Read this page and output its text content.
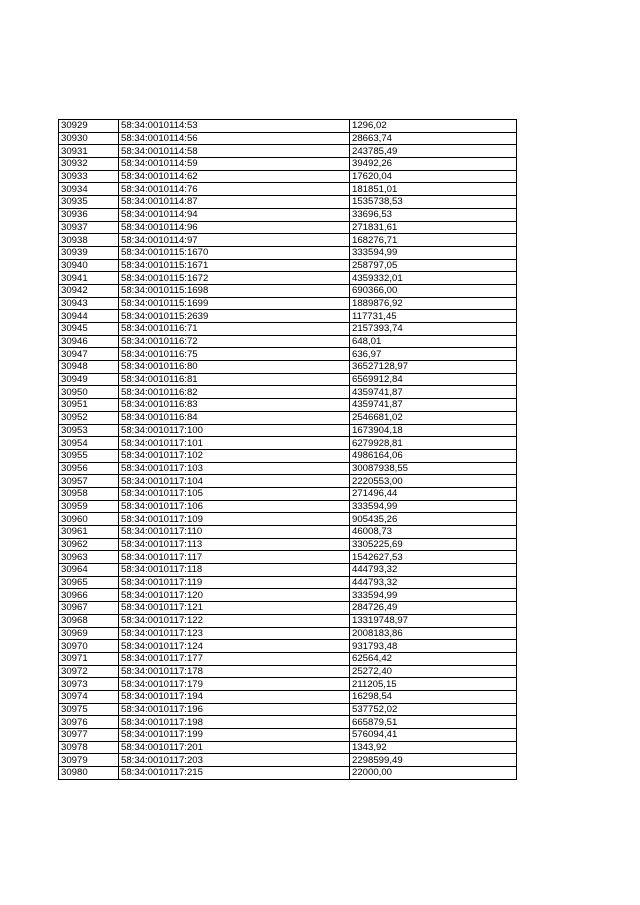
30929	58:34:0010114:53	1296,02
30930	58:34:0010114:56	28663,74
30931	58:34:0010114:58	243785,49
30932	58:34:0010114:59	39492,26
30933	58:34:0010114:62	17620,04
30934	58:34:0010114:76	181851,01
30935	58:34:0010114:87	1535738,53
30936	58:34:0010114:94	33696,53
30937	58:34:0010114:96	271831,61
30938	58:34:0010114:97	168276,71
30939	58:34:0010115:1670	333594,99
30940	58:34:0010115:1671	258797,05
30941	58:34:0010115:1672	4359332,01
30942	58:34:0010115:1698	690366,00
30943	58:34:0010115:1699	1889876,92
30944	58:34:0010115:2639	117731,45
30945	58:34:0010116:71	2157393,74
30946	58:34:0010116:72	648,01
30947	58:34:0010116:75	636,97
30948	58:34:0010116:80	36527128,97
30949	58:34:0010116:81	6569912,84
30950	58:34:0010116:82	4359741,87
30951	58:34:0010116:83	4359741,87
30952	58:34:0010116:84	2546681,02
30953	58:34:0010117:100	1673904,18
30954	58:34:0010117:101	6279928,81
30955	58:34:0010117:102	4986164,06
30956	58:34:0010117:103	30087938,55
30957	58:34:0010117:104	2220553,00
30958	58:34:0010117:105	271496,44
30959	58:34:0010117:106	333594,99
30960	58:34:0010117:109	905435,26
30961	58:34:0010117:110	46008,73
30962	58:34:0010117:113	3305225,69
30963	58:34:0010117:117	1542627,53
30964	58:34:0010117:118	444793,32
30965	58:34:0010117:119	444793,32
30966	58:34:0010117:120	333594,99
30967	58:34:0010117:121	284726,49
30968	58:34:0010117:122	13319748,97
30969	58:34:0010117:123	2008183,86
30970	58:34:0010117:124	931793,48
30971	58:34:0010117:177	62564,42
30972	58:34:0010117:178	25272,40
30973	58:34:0010117:179	211205,15
30974	58:34:0010117:194	16298,54
30975	58:34:0010117:196	537752,02
30976	58:34:0010117:198	665879,51
30977	58:34:0010117:199	576094,41
30978	58:34:0010117:201	1343,92
30979	58:34:0010117:203	2298599,49
30980	58:34:0010117:215	22000,00
